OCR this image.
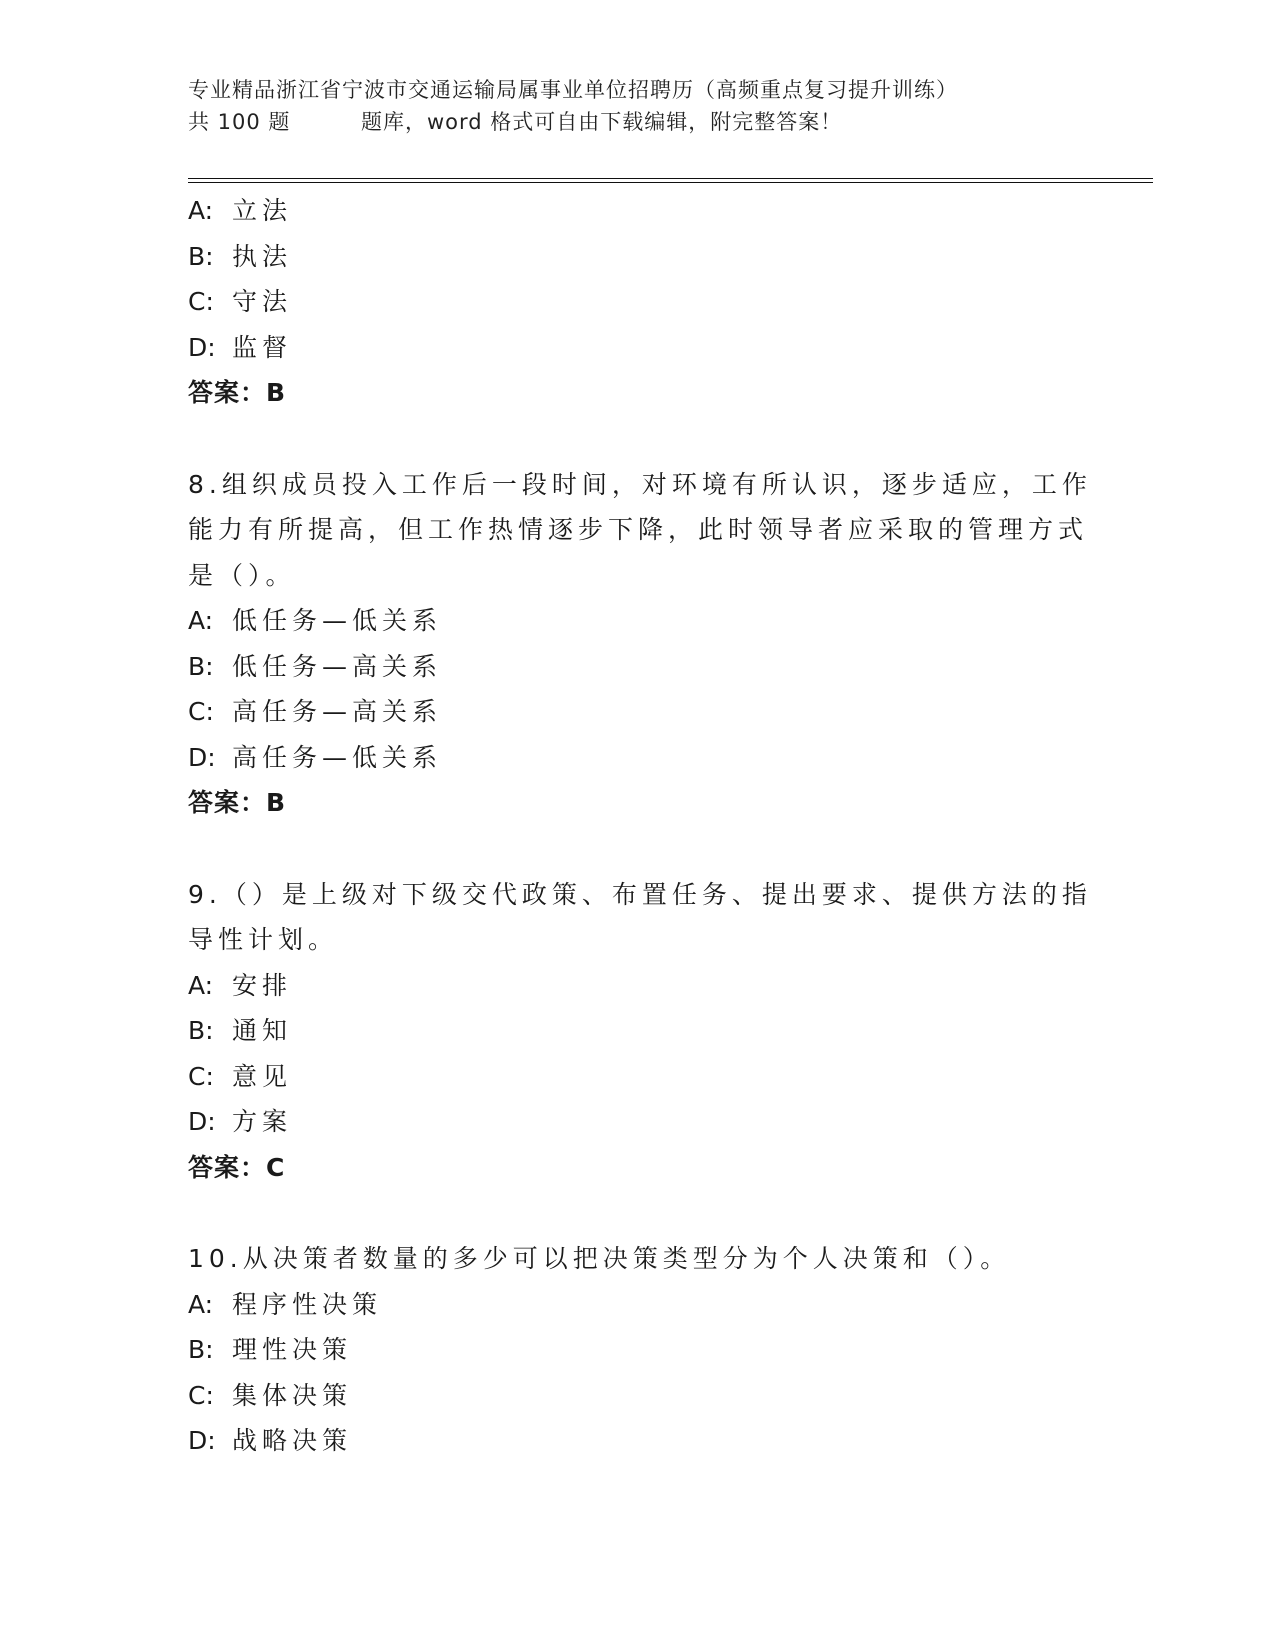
专业精品浙江省宁波市交通运输局属事业单位招聘历（高频重点复习提升训练）
共 100 题	题库，word 格式可自由下载编辑，附完整答案！
A: 立法
B: 执法
C: 守法
D: 监督
答案：B
8.组织成员投入工作后一段时间，对环境有所认识，逐步适应，工作
能力有所提高，但工作热情逐步下降，此时领导者应采取的管理方式
是（）。
A: 低任务—低关系
B: 低任务—高关系
C: 高任务—高关系
D: 高任务—低关系
答案：B
9.（）是上级对下级交代政策、布置任务、提出要求、提供方法的指
导性计划。
A: 安排
B: 通知
C: 意见
D: 方案
答案：C
10.从决策者数量的多少可以把决策类型分为个人决策和（）。
A: 程序性决策
B: 理性决策
C: 集体决策
D: 战略决策
